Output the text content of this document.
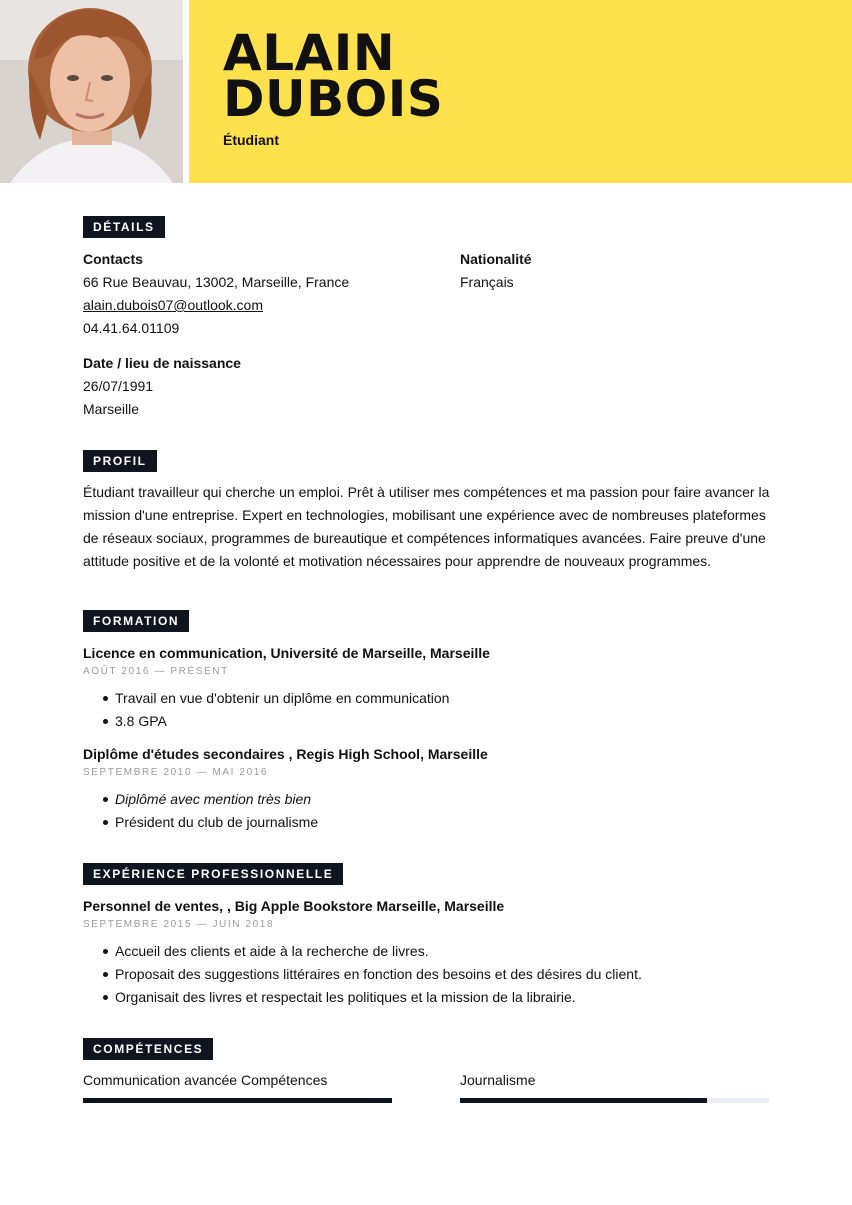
ALAIN
DUBOIS
Étudiant
DÉTAILS
Contacts
66 Rue Beauvau, 13002, Marseille, France
alain.dubois07@outlook.com
04.41.64.01109
Nationalité
Français
Date / lieu de naissance
26/07/1991
Marseille
PROFIL
Étudiant travailleur qui cherche un emploi. Prêt à utiliser mes compétences et ma passion pour faire avancer la mission d'une entreprise. Expert en technologies, mobilisant une expérience avec de nombreuses plateformes de réseaux sociaux, programmes de bureautique et compétences informatiques avancées. Faire preuve d'une attitude positive et de la volonté et motivation nécessaires pour apprendre de nouveaux programmes.
FORMATION
Licence en communication, Université de Marseille, Marseille
AOÛT 2016 — PRÉSENT
Travail en vue d'obtenir un diplôme en communication
3.8 GPA
Diplôme d'études secondaires , Regis High School, Marseille
SEPTEMBRE 2010 — MAI 2016
Diplômé avec mention très bien
Président du club de journalisme
EXPÉRIENCE PROFESSIONNELLE
Personnel de ventes, , Big Apple Bookstore Marseille, Marseille
SEPTEMBRE 2015 — JUIN 2018
Accueil des clients et aide à la recherche de livres.
Proposait des suggestions littéraires en fonction des besoins et des désires du client.
Organisait des livres et respectait les politiques et la mission de la librairie.
COMPÉTENCES
Communication avancée Compétences	Journalisme
